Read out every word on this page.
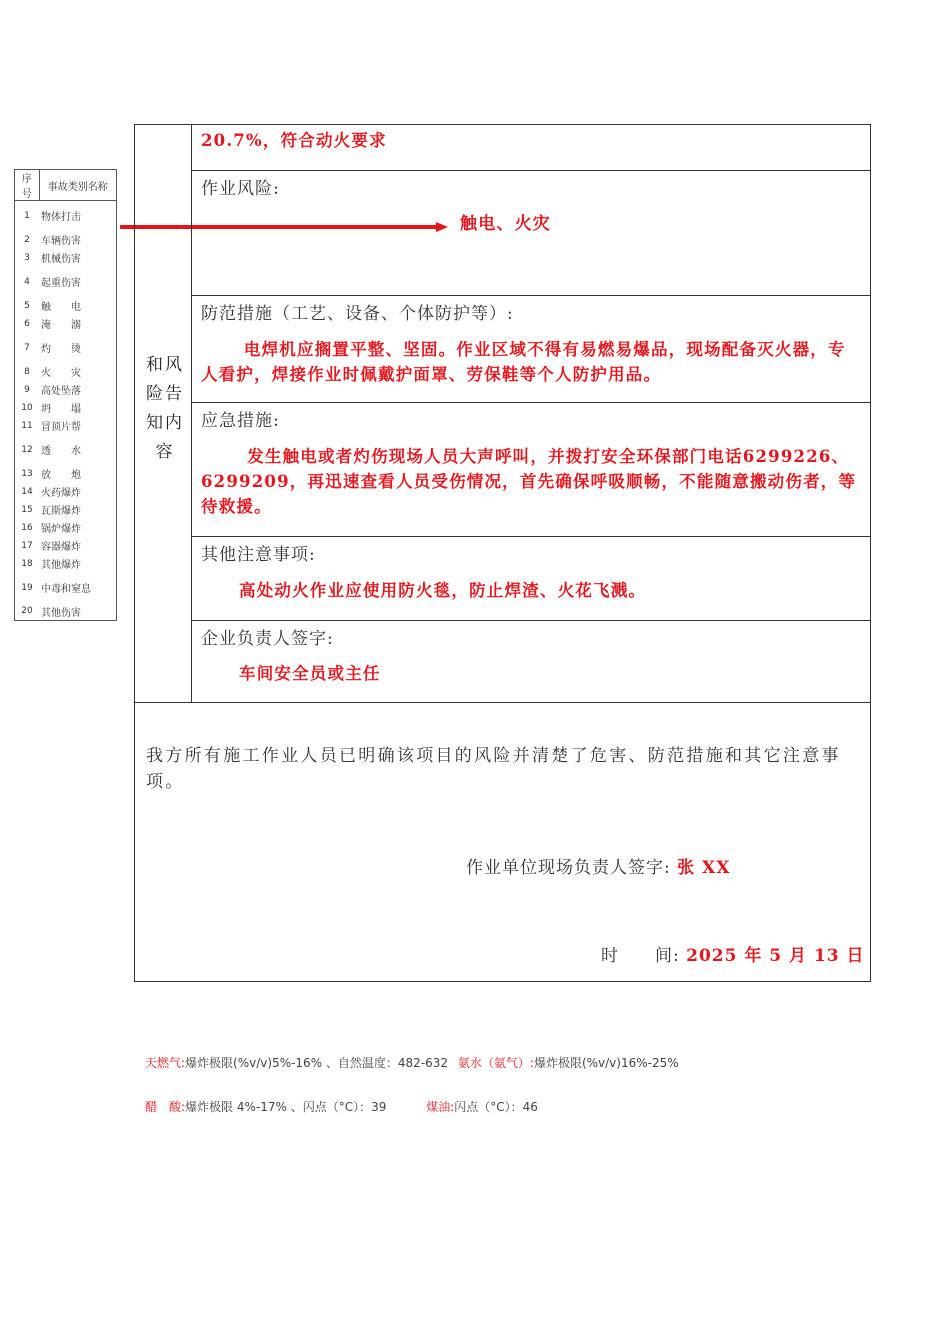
序号	事故类别名称
1	物体打击
2	车辆伤害
3	机械伤害
4	起重伤害
5	触　　电
6	淹　　溺
7	灼　　烫
8	火　　灾
9	高处坠落
10	坍　　塌
11	冒顶片帮
12	透　　水
13	放　　炮
14	火药爆炸
15	瓦斯爆炸
16	锅炉爆炸
17	容器爆炸
18	其他爆炸
19	中毒和窒息
20	其他伤害
和风险告知内容
20.7%，符合动火要求
作业风险:
触电、火灾
防范措施（工艺、设备、个体防护等）:
电焊机应搁置平整、坚固。作业区域不得有易燃易爆品，现场配备灭火器，专人看护，焊接作业时佩戴护面罩、劳保鞋等个人防护用品。
应急措施:
发生触电或者灼伤现场人员大声呼叫，并拨打安全环保部门电话6299226、6299209，再迅速查看人员受伤情况，首先确保呼吸顺畅，不能随意搬动伤者，等待救援。
其他注意事项:
高处动火作业应使用防火毯，防止焊渣、火花飞溅。
企业负责人签字:
车间安全员或主任
我方所有施工作业人员已明确该项目的风险并清楚了危害、防范措施和其它注意事项。
作业单位现场负责人签字: 张 XX
时　　间: 2025 年 5 月 13 日
天燃气:爆炸极限(%v/v)5%-16% 、自然温度：482-632 氨水（氨气）:爆炸极限(%v/v)16%-25%
醋　酸:爆炸极限 4%-17% 、闪点（°C）：39	煤油:闪点（°C）：46
